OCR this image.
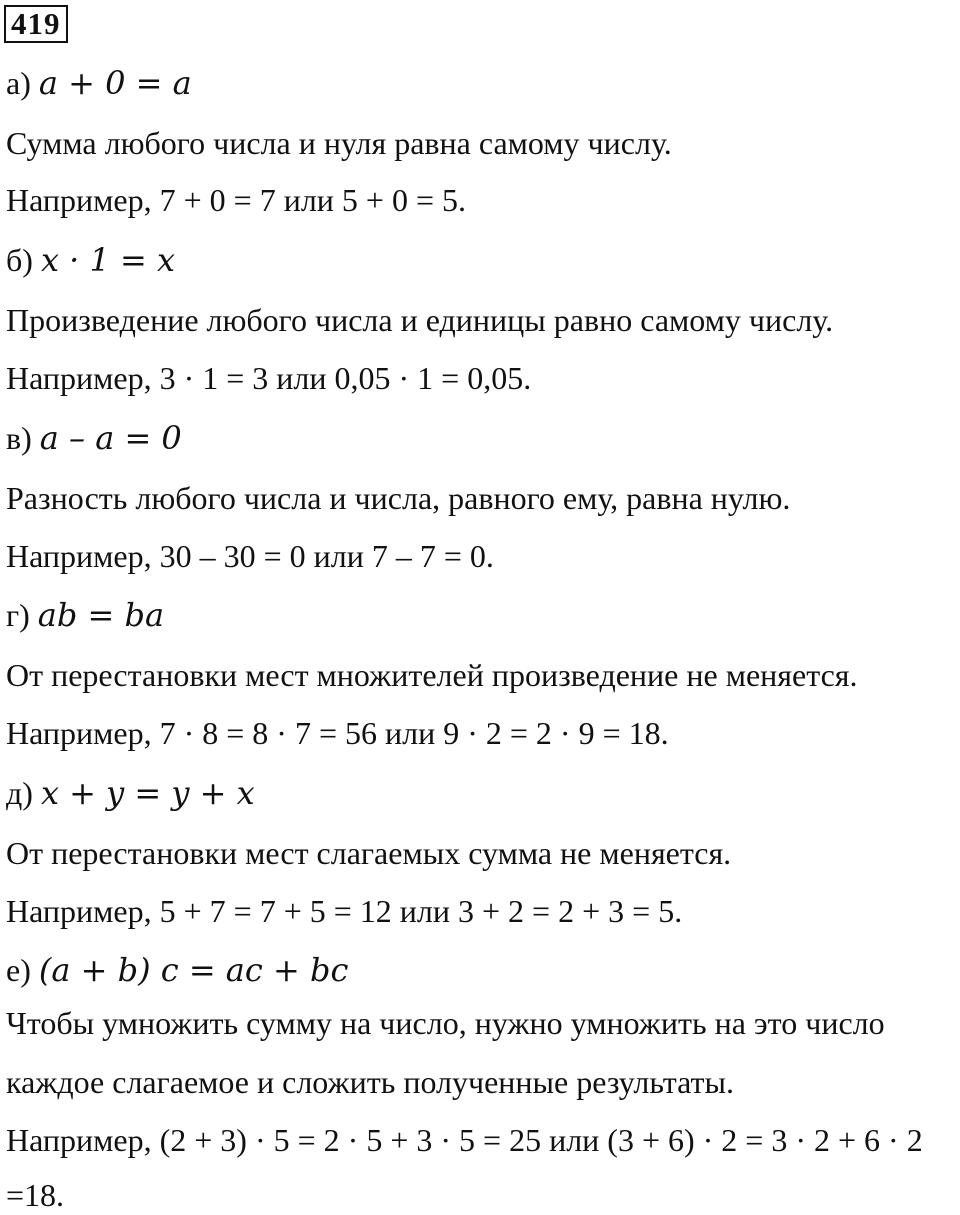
419
а) a + 0 = a
Сумма любого числа и нуля равна самому числу.
Например, 7 + 0 = 7 или 5 + 0 = 5.
б) x · 1 = x
Произведение любого числа и единицы равно самому числу.
Например, 3 · 1 = 3 или 0,05 · 1 = 0,05.
в) a – a = 0
Разность любого числа и числа, равного ему, равна нулю.
Например, 30 – 30 = 0 или 7 – 7 = 0.
г) ab = ba
От перестановки мест множителей произведение не меняется.
Например, 7 · 8 = 8 · 7 = 56 или 9 · 2 = 2 · 9 = 18.
д) x + y = y + x
От перестановки мест слагаемых сумма не меняется.
Например, 5 + 7 = 7 + 5 = 12 или 3 + 2 = 2 + 3 = 5.
е) (a + b) c = ac + bc
Чтобы умножить сумму на число, нужно умножить на это число
каждое слагаемое и сложить полученные результаты.
Например, (2 + 3) · 5 = 2 · 5 + 3 · 5 = 25 или (3 + 6) · 2 = 3 · 2 + 6 · 2
=18.
